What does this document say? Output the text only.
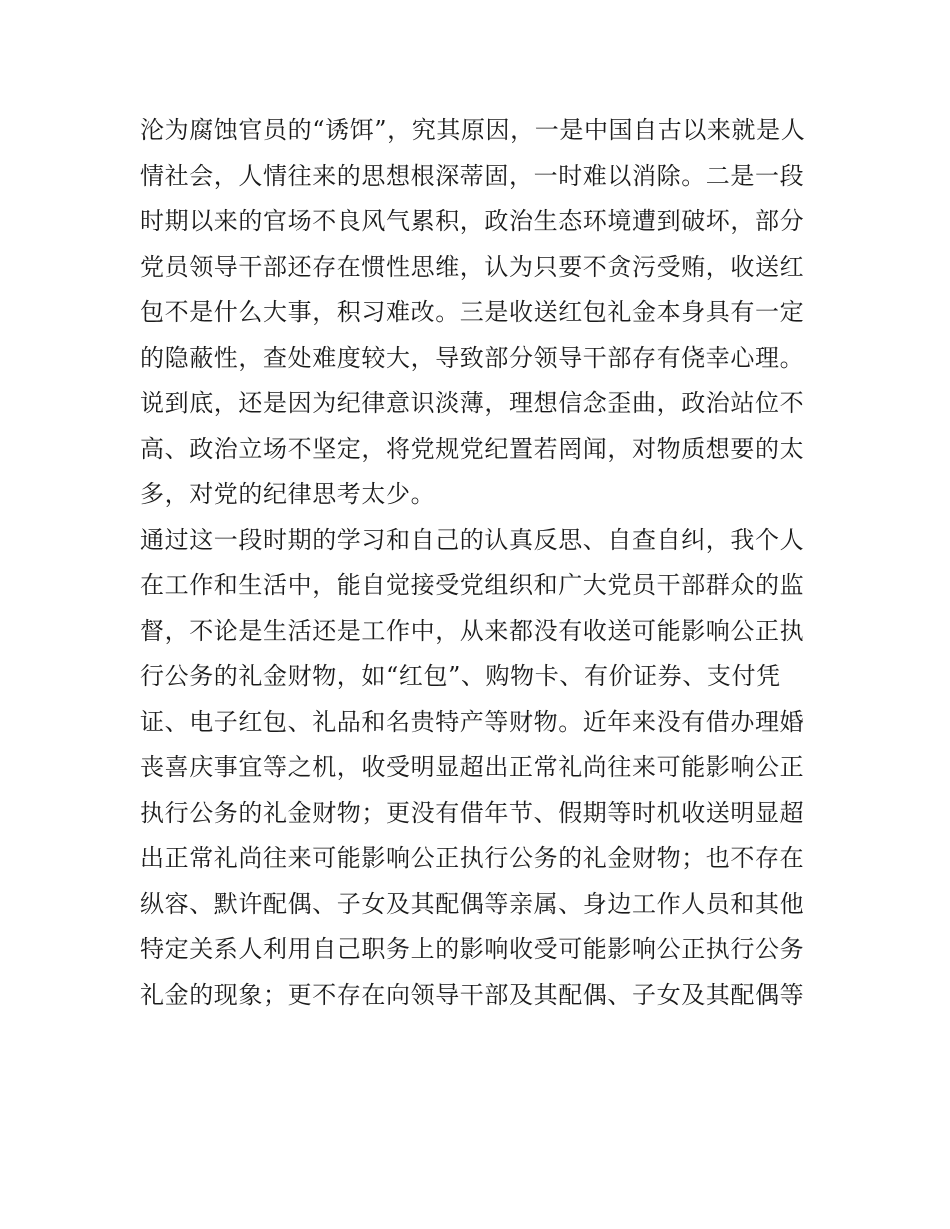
沦为腐蚀官员的“诱饵”，究其原因，一是中国自古以来就是人
情社会，人情往来的思想根深蒂固，一时难以消除。二是一段
时期以来的官场不良风气累积，政治生态环境遭到破坏，部分
党员领导干部还存在惯性思维，认为只要不贪污受贿，收送红
包不是什么大事，积习难改。三是收送红包礼金本身具有一定
的隐蔽性，查处难度较大，导致部分领导干部存有侥幸心理。
说到底，还是因为纪律意识淡薄，理想信念歪曲，政治站位不
高、政治立场不坚定，将党规党纪置若罔闻，对物质想要的太
多，对党的纪律思考太少。
通过这一段时期的学习和自己的认真反思、自查自纠，我个人
在工作和生活中，能自觉接受党组织和广大党员干部群众的监
督，不论是生活还是工作中，从来都没有收送可能影响公正执
行公务的礼金财物，如“红包”、购物卡、有价证券、支付凭
证、电子红包、礼品和名贵特产等财物。近年来没有借办理婚
丧喜庆事宜等之机，收受明显超出正常礼尚往来可能影响公正
执行公务的礼金财物；更没有借年节、假期等时机收送明显超
出正常礼尚往来可能影响公正执行公务的礼金财物；也不存在
纵容、默许配偶、子女及其配偶等亲属、身边工作人员和其他
特定关系人利用自己职务上的影响收受可能影响公正执行公务
礼金的现象；更不存在向领导干部及其配偶、子女及其配偶等
